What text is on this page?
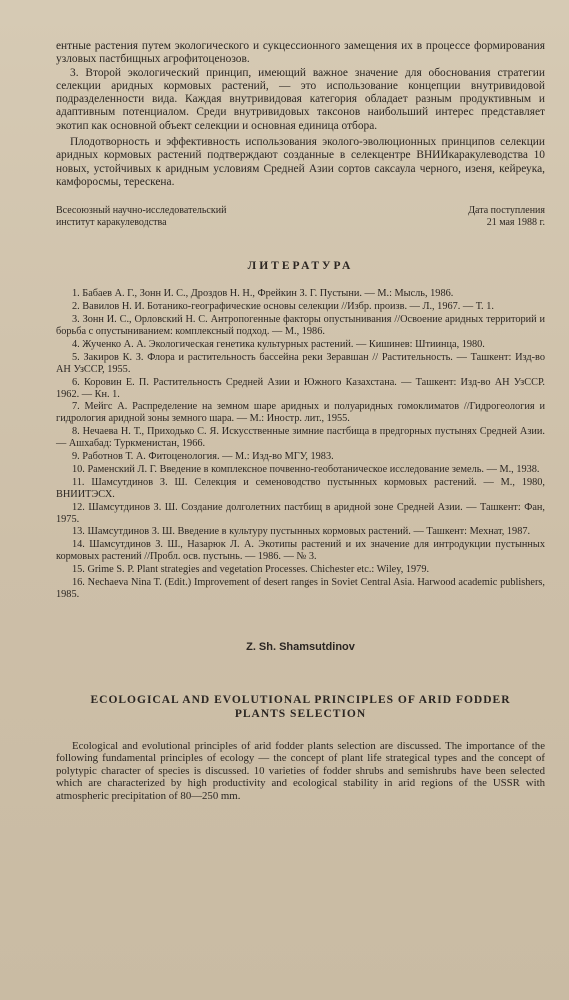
ентные растения путем экологического и сукцессионного замещения их в процессе формирования узловых пастбищных агрофитоценозов.

3. Второй экологический принцип, имеющий важное значение для обоснования стратегии селекции аридных кормовых растений, — это использование концепции внутривидовой подразделенности вида. Каждая внутривидовая категория обладает разным продуктивным и адаптивным потенциалом. Среди внутривидовых таксонов наибольший интерес представляет экотип как основной объект селекции и основная единица отбора.

Плодотворность и эффективность использования эколого-эволюционных принципов селекции аридных кормовых растений подтверждают созданные в селекцентре ВНИИкаракулеводства 10 новых, устойчивых к аридным условиям Средней Азии сортов саксаула черного, изеня, кейреука, камфоросмы, терескена.

Всесоюзный научно-исследовательский
институт каракулеводства
Дата поступления
21 мая 1988 г.
ЛИТЕРАТУРА
1. Бабаев А. Г., Зонн И. С., Дроздов Н. Н., Фрейкин З. Г. Пустыни. — М.: Мысль, 1986.
2. Вавилов Н. И. Ботанико-географические основы селекции //Избр. произв. — Л., 1967. — Т. 1.
3. Зонн И. С., Орловский Н. С. Антропогенные факторы опустынивания //Освоение аридных территорий и борьба с опустыниванием: комплексный подход. — М., 1986.
4. Жученко А. А. Экологическая генетика культурных растений. — Кишинев: Штиинца, 1980.
5. Закиров К. З. Флора и растительность бассейна реки Зеравшан // Растительность. — Ташкент: Изд-во АН УзССР, 1955.
6. Коровин Е. П. Растительность Средней Азии и Южного Казахстана. — Ташкент: Изд-во АН УзССР. 1962. — Кн. 1.
7. Мейгс А. Распределение на земном шаре аридных и полуаридных гомоклиматов //Гидрогеология и гидрология аридной зоны земного шара. — М.: Иностр. лит., 1955.
8. Нечаева Н. Т., Приходько С. Я. Искусственные зимние пастбища в предгорных пустынях Средней Азии. — Ашхабад: Туркменистан, 1966.
9. Работнов Т. А. Фитоценология. — М.: Изд-во МГУ, 1983.
10. Раменский Л. Г. Введение в комплексное почвенно-геоботаническое исследование земель. — М., 1938.
11. Шамсутдинов З. Ш. Селекция и семеноводство пустынных кормовых растений. — М., 1980, ВНИИТЭСХ.
12. Шамсутдинов З. Ш. Создание долголетних пастбищ в аридной зоне Средней Азии. — Ташкент: Фан, 1975.
13. Шамсутдинов З. Ш. Введение в культуру пустынных кормовых растений. — Ташкент: Мехнат, 1987.
14. Шамсутдинов З. Ш., Назарюк Л. А. Экотипы растений и их значение для интродукции пустынных кормовых растений //Пробл. осв. пустынь. — 1986. — № 3.
15. Grime S. P. Plant strategies and vegetation Processes. Chichester etc.: Wiley, 1979.
16. Nechaeva Nina T. (Edit.) Improvement of desert ranges in Soviet Central Asia. Harwood academic publishers, 1985.
Z. Sh. Shamsutdinov
ECOLOGICAL AND EVOLUTIONAL PRINCIPLES OF ARID FODDER PLANTS SELECTION

Ecological and evolutional principles of arid fodder plants selection are discussed. The importance of the following fundamental principles of ecology — the concept of plant life strategical types and the concept of polytypic character of species is discussed. 10 varieties of fodder shrubs and semishrubs have been selected which are characterized by high productivity and ecological stability in arid regions of the USSR with atmospheric precipitation of 80—250 mm.
